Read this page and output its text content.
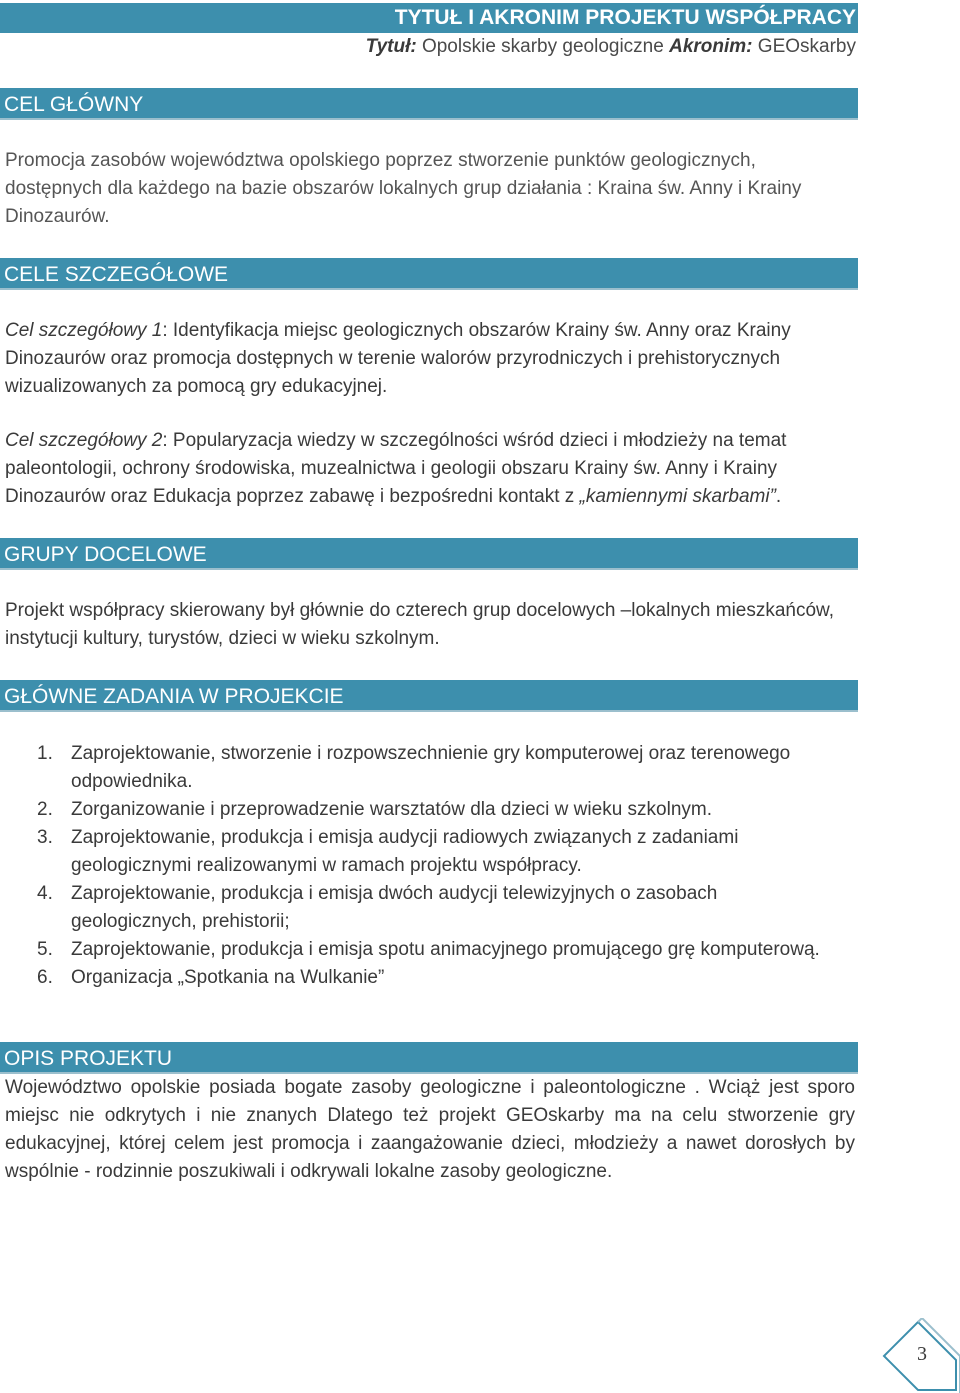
TYTUŁ I AKRONIM PROJEKTU WSPÓŁPRACY
Tytuł: Opolskie skarby geologiczne Akronim: GEOskarby
CEL GŁÓWNY
Promocja zasobów województwa opolskiego poprzez stworzenie punktów geologicznych, dostępnych dla każdego na bazie obszarów lokalnych grup działania : Kraina św. Anny i Krainy Dinozaurów.
CELE SZCZEGÓŁOWE
Cel szczegółowy 1: Identyfikacja miejsc geologicznych obszarów Krainy św. Anny oraz Krainy Dinozaurów oraz promocja dostępnych w terenie walorów przyrodniczych i prehistorycznych wizualizowanych za pomocą gry edukacyjnej.
Cel szczegółowy 2: Popularyzacja wiedzy w szczególności wśród dzieci i młodzieży na temat paleontologii, ochrony środowiska, muzealnictwa i geologii obszaru Krainy św. Anny i Krainy Dinozaurów oraz Edukacja poprzez zabawę i bezpośredni kontakt z „kamiennymi skarbami”.
GRUPY DOCELOWE
Projekt współpracy skierowany był głównie do czterech grup docelowych –lokalnych mieszkańców, instytucji kultury, turystów, dzieci w wieku szkolnym.
GŁÓWNE ZADANIA W PROJEKCIE
1. Zaprojektowanie, stworzenie i rozpowszechnienie gry komputerowej oraz terenowego odpowiednika.
2. Zorganizowanie i przeprowadzenie warsztatów dla dzieci w wieku szkolnym.
3. Zaprojektowanie, produkcja i emisja audycji radiowych związanych z zadaniami geologicznymi realizowanymi w ramach projektu współpracy.
4. Zaprojektowanie, produkcja i emisja dwóch audycji telewizyjnych o zasobach geologicznych, prehistorii;
5. Zaprojektowanie, produkcja i emisja spotu animacyjnego promującego grę komputerową.
6. Organizacja „Spotkania na Wulkanie”
OPIS PROJEKTU
Województwo opolskie posiada bogate zasoby geologiczne i paleontologiczne . Wciąż jest sporo miejsc nie odkrytych i nie znanych Dlatego też projekt GEOskarby ma na celu stworzenie gry edukacyjnej, której celem jest promocja i zaangażowanie dzieci, młodzieży a nawet dorosłych by wspólnie - rodzinnie poszukiwali i odkrywali lokalne zasoby geologiczne.
3
